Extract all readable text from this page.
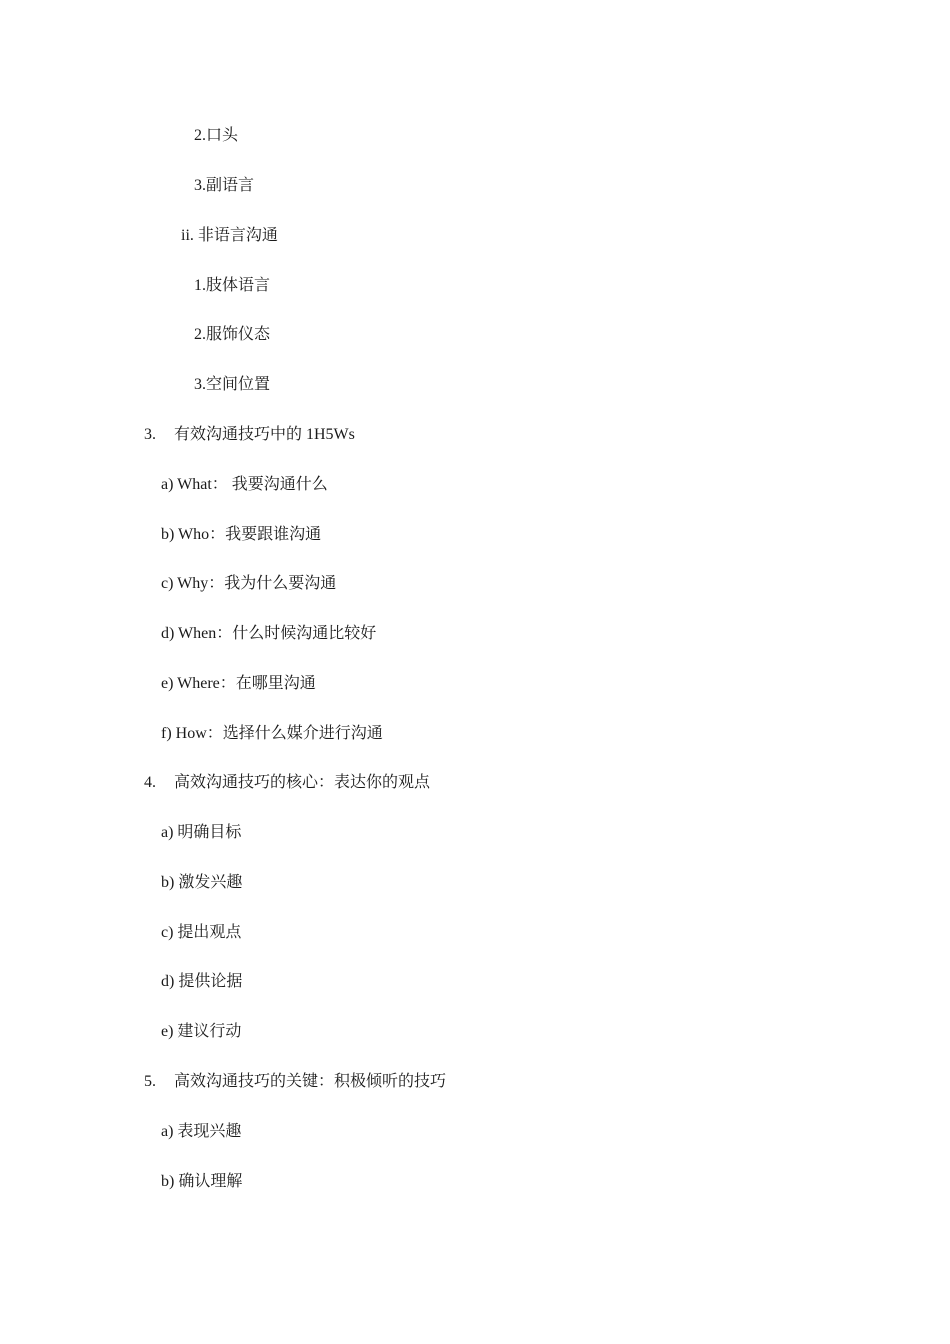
2.口头
3.副语言
ii. 非语言沟通
1.肢体语言
2.服饰仪态
3.空间位置
3. 有效沟通技巧中的 1H5Ws
a) What： 我要沟通什么
b) Who：我要跟谁沟通
c) Why：我为什么要沟通
d) When：什么时候沟通比较好
e) Where：在哪里沟通
f) How：选择什么媒介进行沟通
4. 高效沟通技巧的核心：表达你的观点
a) 明确目标
b) 激发兴趣
c) 提出观点
d) 提供论据
e) 建议行动
5. 高效沟通技巧的关键：积极倾听的技巧
a) 表现兴趣
b) 确认理解
